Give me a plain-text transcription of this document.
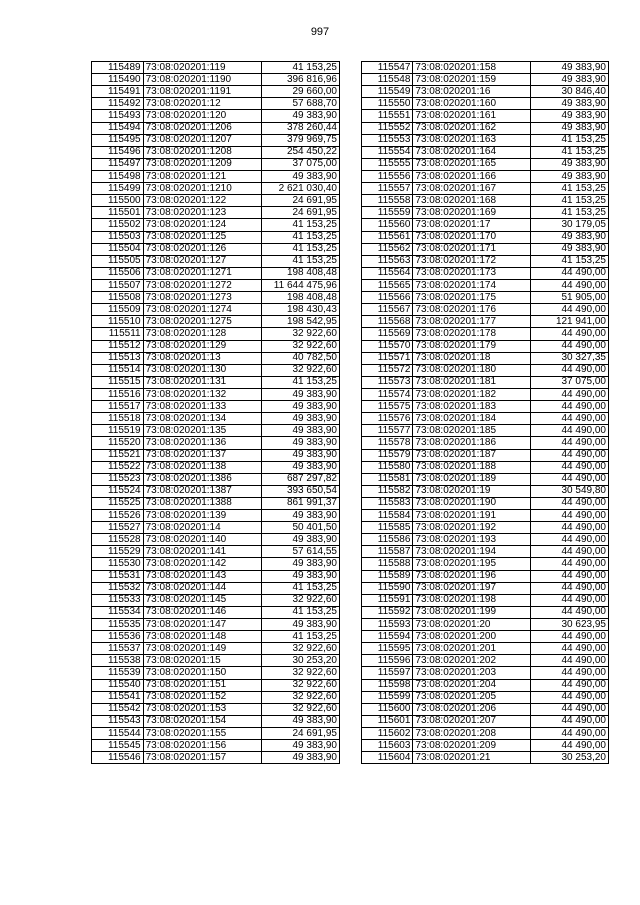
997
115489	73:08:020201:119	41 153,25
115490	73:08:020201:1190	396 816,96
115491	73:08:020201:1191	29 660,00
115492	73:08:020201:12	57 688,70
115493	73:08:020201:120	49 383,90
115494	73:08:020201:1206	378 260,44
115495	73:08:020201:1207	379 969,75
115496	73:08:020201:1208	254 450,22
115497	73:08:020201:1209	37 075,00
115498	73:08:020201:121	49 383,90
115499	73:08:020201:1210	2 621 030,40
115500	73:08:020201:122	24 691,95
115501	73:08:020201:123	24 691,95
115502	73:08:020201:124	41 153,25
115503	73:08:020201:125	41 153,25
115504	73:08:020201:126	41 153,25
115505	73:08:020201:127	41 153,25
115506	73:08:020201:1271	198 408,48
115507	73:08:020201:1272	11 644 475,96
115508	73:08:020201:1273	198 408,48
115509	73:08:020201:1274	198 430,43
115510	73:08:020201:1275	198 542,95
115511	73:08:020201:128	32 922,60
115512	73:08:020201:129	32 922,60
115513	73:08:020201:13	40 782,50
115514	73:08:020201:130	32 922,60
115515	73:08:020201:131	41 153,25
115516	73:08:020201:132	49 383,90
115517	73:08:020201:133	49 383,90
115518	73:08:020201:134	49 383,90
115519	73:08:020201:135	49 383,90
115520	73:08:020201:136	49 383,90
115521	73:08:020201:137	49 383,90
115522	73:08:020201:138	49 383,90
115523	73:08:020201:1386	687 297,82
115524	73:08:020201:1387	393 650,54
115525	73:08:020201:1388	861 991,37
115526	73:08:020201:139	49 383,90
115527	73:08:020201:14	50 401,50
115528	73:08:020201:140	49 383,90
115529	73:08:020201:141	57 614,55
115530	73:08:020201:142	49 383,90
115531	73:08:020201:143	49 383,90
115532	73:08:020201:144	41 153,25
115533	73:08:020201:145	32 922,60
115534	73:08:020201:146	41 153,25
115535	73:08:020201:147	49 383,90
115536	73:08:020201:148	41 153,25
115537	73:08:020201:149	32 922,60
115538	73:08:020201:15	30 253,20
115539	73:08:020201:150	32 922,60
115540	73:08:020201:151	32 922,60
115541	73:08:020201:152	32 922,60
115542	73:08:020201:153	32 922,60
115543	73:08:020201:154	49 383,90
115544	73:08:020201:155	24 691,95
115545	73:08:020201:156	49 383,90
115546	73:08:020201:157	49 383,90
115547	73:08:020201:158	49 383,90
115548	73:08:020201:159	49 383,90
115549	73:08:020201:16	30 846,40
115550	73:08:020201:160	49 383,90
115551	73:08:020201:161	49 383,90
115552	73:08:020201:162	49 383,90
115553	73:08:020201:163	41 153,25
115554	73:08:020201:164	41 153,25
115555	73:08:020201:165	49 383,90
115556	73:08:020201:166	49 383,90
115557	73:08:020201:167	41 153,25
115558	73:08:020201:168	41 153,25
115559	73:08:020201:169	41 153,25
115560	73:08:020201:17	30 179,05
115561	73:08:020201:170	49 383,90
115562	73:08:020201:171	49 383,90
115563	73:08:020201:172	41 153,25
115564	73:08:020201:173	44 490,00
115565	73:08:020201:174	44 490,00
115566	73:08:020201:175	51 905,00
115567	73:08:020201:176	44 490,00
115568	73:08:020201:177	121 941,00
115569	73:08:020201:178	44 490,00
115570	73:08:020201:179	44 490,00
115571	73:08:020201:18	30 327,35
115572	73:08:020201:180	44 490,00
115573	73:08:020201:181	37 075,00
115574	73:08:020201:182	44 490,00
115575	73:08:020201:183	44 490,00
115576	73:08:020201:184	44 490,00
115577	73:08:020201:185	44 490,00
115578	73:08:020201:186	44 490,00
115579	73:08:020201:187	44 490,00
115580	73:08:020201:188	44 490,00
115581	73:08:020201:189	44 490,00
115582	73:08:020201:19	30 549,80
115583	73:08:020201:190	44 490,00
115584	73:08:020201:191	44 490,00
115585	73:08:020201:192	44 490,00
115586	73:08:020201:193	44 490,00
115587	73:08:020201:194	44 490,00
115588	73:08:020201:195	44 490,00
115589	73:08:020201:196	44 490,00
115590	73:08:020201:197	44 490,00
115591	73:08:020201:198	44 490,00
115592	73:08:020201:199	44 490,00
115593	73:08:020201:20	30 623,95
115594	73:08:020201:200	44 490,00
115595	73:08:020201:201	44 490,00
115596	73:08:020201:202	44 490,00
115597	73:08:020201:203	44 490,00
115598	73:08:020201:204	44 490,00
115599	73:08:020201:205	44 490,00
115600	73:08:020201:206	44 490,00
115601	73:08:020201:207	44 490,00
115602	73:08:020201:208	44 490,00
115603	73:08:020201:209	44 490,00
115604	73:08:020201:21	30 253,20
